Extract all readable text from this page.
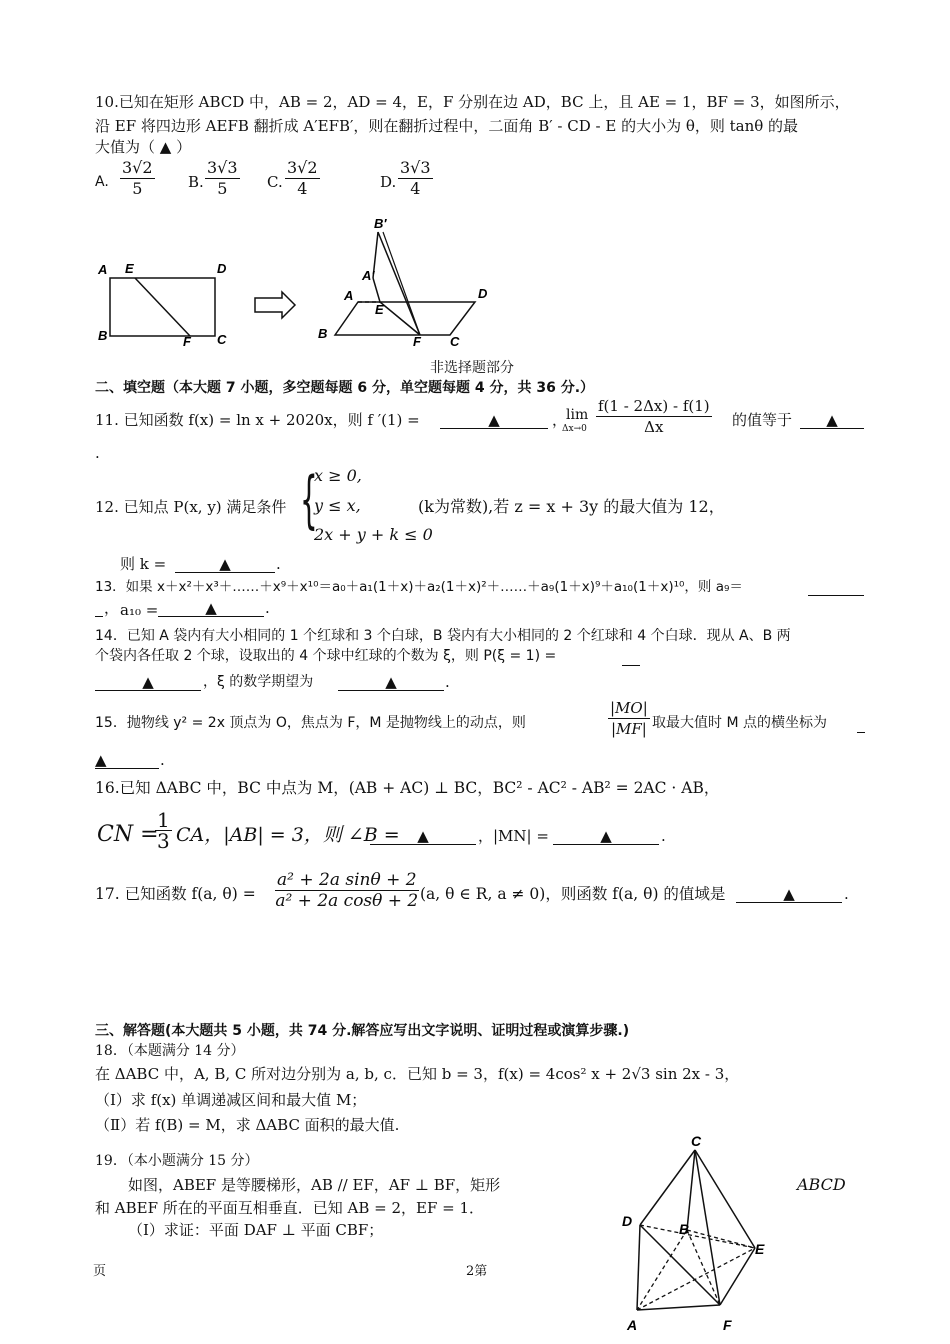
10.已知在矩形 ABCD 中，AB = 2，AD = 4，E，F 分别在边 AD，BC 上，且 AE = 1，BF = 3，如图所示，
沿 EF 将四边形 AEFB 翻折成 A′EFB′，则在翻折过程中，二面角 B′ - CD - E 的大小为 θ，则 tanθ 的最
大值为（ ▲ ）
A. $\frac{3√2}{5} B$. $\frac{3√3}{5} C$. $\frac{3√2}{4}$	D. $\frac{3√3}{4}$
A E	D
B	F C
B′
A′
A
E
D
B
F C
非选择题部分
二、填空题（本大题 7 小题，多空题每题 6 分，单空题每题 4 分，共 36 分.）
11. 已知函数 f(x) = ln x + 2020x，则 f ′(1) =	▲	，
lim
$\Delta x\to 0 \frac{f(1 - 2\Delta x) - f(1)}{\Delta x}$ 的值等于	▲
.
12. 已知点 P(x, y) 满足条件 {
x ≥ 0,
y ≤ x,
2x + y + k ≤ 0
(k为常数),若 z = x + 3y 的最大值为 12，
则 k =	▲	.
13．如果 x＋x²＋x³＋……＋x⁹＋x¹⁰＝a₀＋a₁(1＋x)＋a₂(1＋x)²＋……＋a₉(1＋x)⁹＋a₁₀(1＋x)¹⁰，则 a₉＝
， a₁₀ =	▲	.
14．已知 A 袋内有大小相同的 1 个红球和 3 个白球，B 袋内有大小相同的 2 个红球和 4 个白球．现从 A、B 两
个袋内各任取 2 个球，设取出的 4 个球中红球的个数为 ξ，则 P(ξ = 1) =
▲	，ξ 的数学期望为	▲	.
15．抛物线 y² = 2x 顶点为 O，焦点为 F，M 是抛物线上的动点，则	$\frac{|MO|}{|MF|}$ 取最大值时 M 点的横坐标为
▲	.
16.已知 ΔABC 中，BC 中点为 M，(AB + AC) ⊥ BC，BC² - AC² - AB² = 2AC · AB，
CN =
$\frac{1}{3}$ CA，|AB| = 3，则 ∠B =	▲	，|MN| =	▲	.
17. 已知函数 f(a, $\theta) = \frac{\text{a² + 2a sinθ + 2}}{\text{a² + 2a cosθ + 2}} (a$, θ ∈ R, a ≠ 0)，则函数 f(a, θ) 的值域是	▲	.
三、解答题(本大题共 5 小题，共 74 分.解答应写出文字说明、证明过程或演算步骤.)
18．（本题满分 14 分）
在 ΔABC 中，A, B, C 所对边分别为 a, b, c．已知 b = 3，f(x) = 4cos² x + 2√3 sin 2x - 3，
（Ⅰ）求 f(x) 单调递减区间和最大值 M；
（Ⅱ）若 f(B) = M，求 ΔABC 面积的最大值.
19．（本小题满分 15 分）
如图，ABEF 是等腰梯形，AB // EF，AF ⊥ BF，矩形	ABCD
和 ABEF 所在的平面互相垂直．已知 AB = 2，EF = 1．
（Ⅰ）求证：平面 DAF ⊥ 平面 CBF；
C
D	B
E
A	F
页	2第
